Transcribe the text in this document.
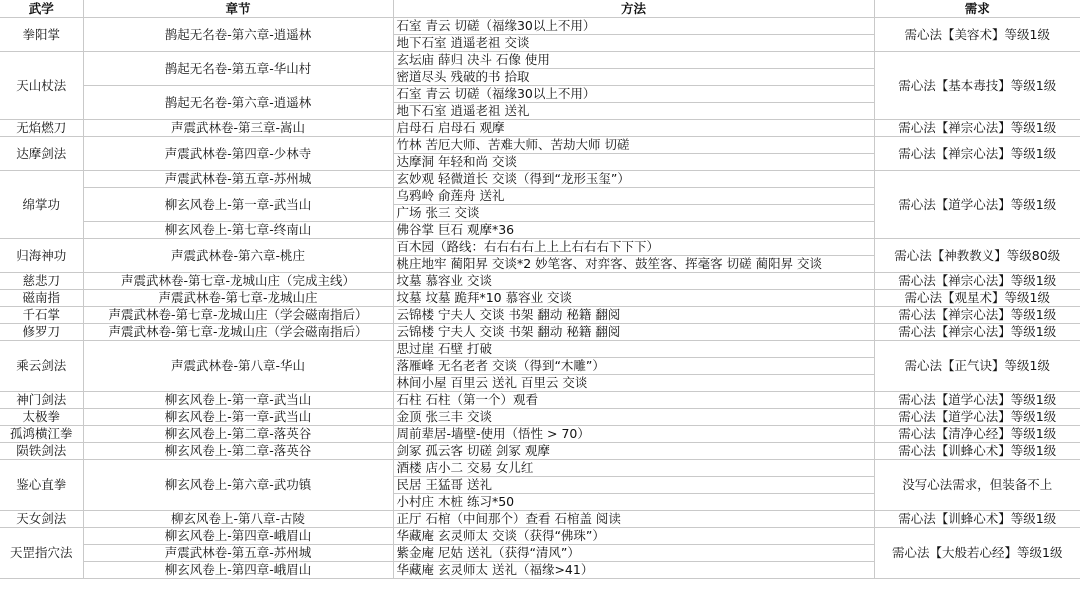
武学	章节	方法	需求
拳阳掌	鹊起无名卷-第六章-逍遥林	石室 青云 切磋（福缘30以上不用）	需心法【美容术】等级1级
		地下石室 逍遥老祖 交谈	
天山杖法	鹊起无名卷-第五章-华山村	玄坛庙 薛归 决斗 石像 使用	需心法【基本毒技】等级1级
		密道尽头 残破的书 拾取	
	鹊起无名卷-第六章-逍遥林	石室 青云 切磋（福缘30以上不用）	
		地下石室 逍遥老祖 送礼	
无焰燃刀	声震武林卷-第三章-嵩山	启母石 启母石 观摩	需心法【禅宗心法】等级1级
达摩剑法	声震武林卷-第四章-少林寺	竹林 苦厄大师、苦难大师、苦劫大师 切磋	需心法【禅宗心法】等级1级
		达摩洞 年轻和尚 交谈	
绵掌功	声震武林卷-第五章-苏州城	玄妙观 轻微道长 交谈（得到“龙形玉玺”）	需心法【道学心法】等级1级
	柳玄风卷上-第一章-武当山	乌鸦岭 俞莲舟 送礼	
		广场 张三 交谈	
	柳玄风卷上-第七章-终南山	佛谷掌 巨石 观摩*36	
归海神功	声震武林卷-第六章-桃庄	百木园（路线：右右右右上上上右右右下下下）	需心法【神教教义】等级80级
		桃庄地牢 蔺阳昇 交谈*2 妙笔客、对弈客、鼓笙客、挥毫客 切磋 蔺阳昇 交谈	
慈悲刀	声震武林卷-第七章-龙城山庄（完成主线）	坟墓 慕容业 交谈	需心法【禅宗心法】等级1级
磁南指	声震武林卷-第七章-龙城山庄	坟墓 坟墓 跪拜*10 慕容业 交谈	需心法【观星术】等级1级
千石掌	声震武林卷-第七章-龙城山庄（学会磁南指后）	云锦楼 宁夫人 交谈 书架 翻动 秘籍 翻阅	需心法【禅宗心法】等级1级
修罗刀	声震武林卷-第七章-龙城山庄（学会磁南指后）	云锦楼 宁夫人 交谈 书架 翻动 秘籍 翻阅	需心法【禅宗心法】等级1级
乘云剑法	声震武林卷-第八章-华山	思过崖 石壁 打破	需心法【正气诀】等级1级
		落雁峰 无名老者 交谈（得到“木雕”）	
		林间小屋 百里云 送礼 百里云 交谈	
神门剑法	柳玄风卷上-第一章-武当山	石柱 石柱（第一个）观看	需心法【道学心法】等级1级
太极拳	柳玄风卷上-第一章-武当山	金顶 张三丰 交谈	需心法【道学心法】等级1级
孤鸿横江拳	柳玄风卷上-第二章-落英谷	周前辈居-墙壁-使用（悟性 > 70）	需心法【清净心经】等级1级
陨铁剑法	柳玄风卷上-第二章-落英谷	剑冢 孤云客 切磋 剑冢 观摩	需心法【训蜂心术】等级1级
鉴心直拳	柳玄风卷上-第六章-武功镇	酒楼 店小二 交易 女儿红	没写心法需求，但装备不上
		民居 王猛哥 送礼	
		小村庄 木桩 练习*50	
天女剑法	柳玄风卷上-第八章-古陵	正厅 石棺（中间那个）查看 石棺盖 阅读	需心法【训蜂心术】等级1级
天罡指穴法	柳玄风卷上-第四章-峨眉山	华藏庵 玄灵师太 交谈（获得“佛珠”）	需心法【大般若心经】等级1级
	声震武林卷-第五章-苏州城	紫金庵 尼姑 送礼（获得“清风”）	
	柳玄风卷上-第四章-峨眉山	华藏庵 玄灵师太 送礼（福缘>41）	
